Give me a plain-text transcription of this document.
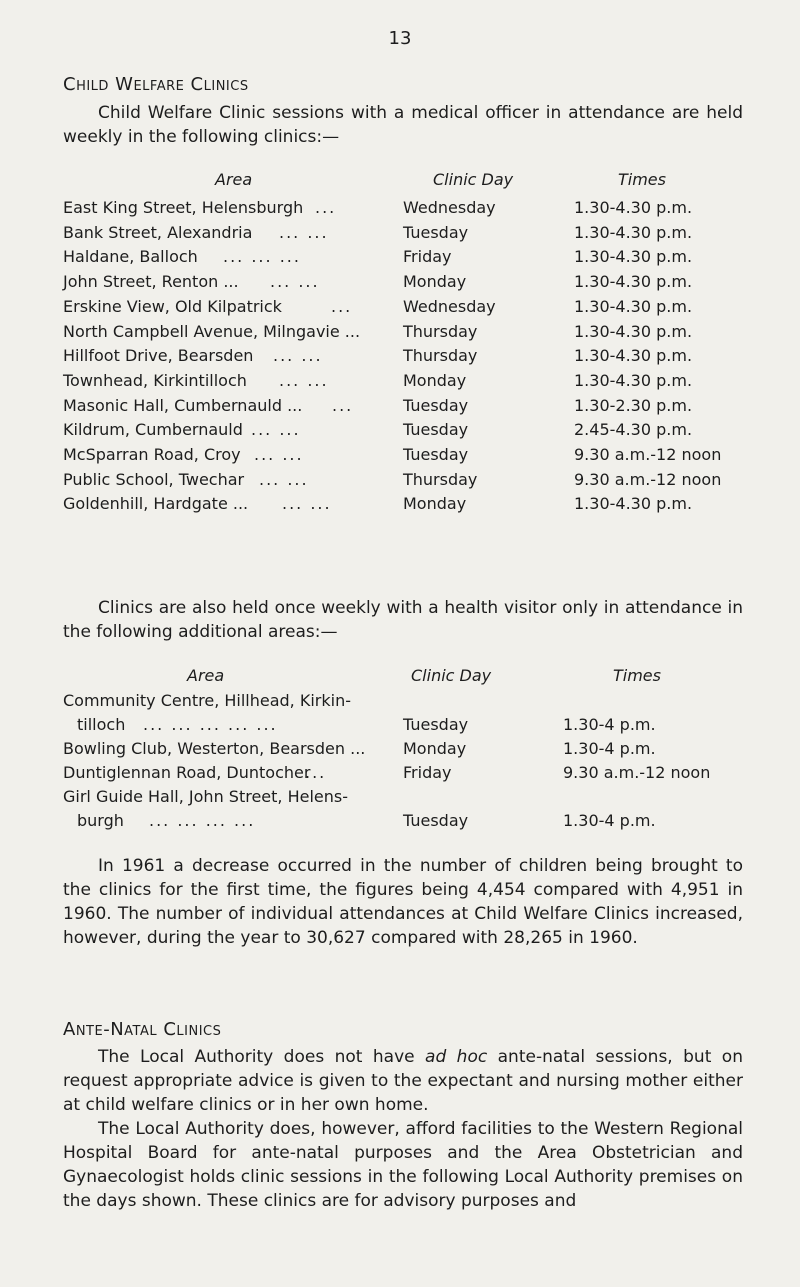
13
Child Welfare Clinics
Child Welfare Clinic sessions with a medical officer in attendance are held weekly in the following clinics:—
Area	Clinic Day	Times
East King Street, Helensburgh ...	Wednesday	1.30-4.30 p.m.
Bank Street, Alexandria	... ...	Tuesday	1.30-4.30 p.m.
Haldane, Balloch	... ... ...	Friday	1.30-4.30 p.m.
John Street, Renton ...	... ...	Monday	1.30-4.30 p.m.
Erskine View, Old Kilpatrick	...	Wednesday	1.30-4.30 p.m.
North Campbell Avenue, Milngavie ...	Thursday	1.30-4.30 p.m.
Hillfoot Drive, Bearsden	... ...	Thursday	1.30-4.30 p.m.
Townhead, Kirkintilloch	... ...	Monday	1.30-4.30 p.m.
Masonic Hall, Cumbernauld ...	...	Tuesday	1.30-2.30 p.m.
Kildrum, Cumbernauld ... ...	Tuesday	2.45-4.30 p.m.
McSparran Road, Croy ... ...	Tuesday	9.30 a.m.-12 noon
Public School, Twechar ... ...	Thursday	9.30 a.m.-12 noon
Goldenhill, Hardgate ...	... ...	Monday	1.30-4.30 p.m.
Clinics are also held once weekly with a health visitor only in attendance in the following additional areas:—
Area	Clinic Day	Times
Community Centre, Hillhead, Kirkin-
tilloch	... ... ... ... ...	Tuesday	1.30-4 p.m.
Bowling Club, Westerton, Bearsden ...	Monday	1.30-4 p.m.
Duntiglennan Road, Duntocher
...	Friday	9.30 a.m.-12 noon
Girl Guide Hall, John Street, Helens-
burgh	... ... ... ...	Tuesday	1.30-4 p.m.
In 1961 a decrease occurred in the number of children being brought to the clinics for the first time, the figures being 4,454 compared with 4,951 in 1960. The number of individual attendances at Child Welfare Clinics increased, however, during the year to 30,627 compared with 28,265 in 1960.
Ante-Natal Clinics
The Local Authority does not have ad hoc ante-natal sessions, but on request appropriate advice is given to the expectant and nursing mother either at child welfare clinics or in her own home.
The Local Authority does, however, afford facilities to the Western Regional Hospital Board for ante-natal purposes and the Area Obstetrician and Gynaecologist holds clinic sessions in the following Local Authority premises on the days shown. These clinics are for advisory purposes and
